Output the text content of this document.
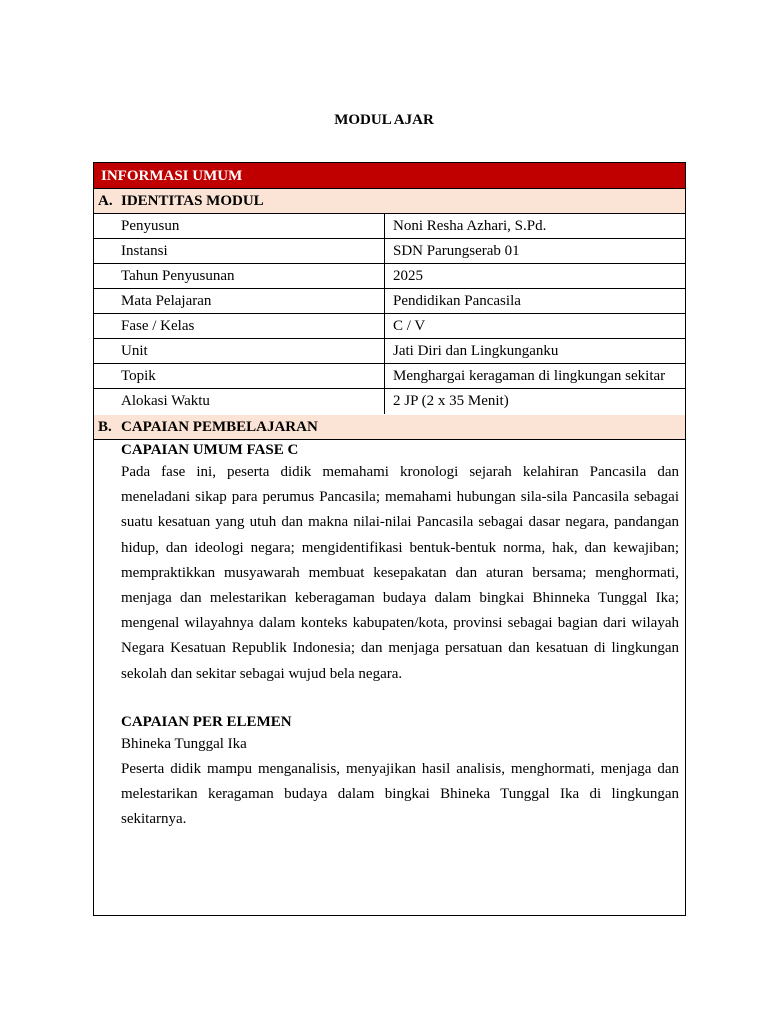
MODUL AJAR
INFORMASI UMUM
A. IDENTITAS MODUL
Penyusun	Noni Resha Azhari, S.Pd.
Instansi	SDN Parungserab 01
Tahun Penyusunan	2025
Mata Pelajaran	Pendidikan Pancasila
Fase / Kelas	C / V
Unit	Jati Diri dan Lingkunganku
Topik	Menghargai keragaman di lingkungan sekitar
Alokasi Waktu	2 JP (2 x 35 Menit)
B. CAPAIAN PEMBELAJARAN

CAPAIAN UMUM FASE C

Pada fase ini, peserta didik memahami kronologi sejarah kelahiran Pancasila dan meneladani sikap para perumus Pancasila; memahami hubungan sila-sila Pancasila sebagai suatu kesatuan yang utuh dan makna nilai-nilai Pancasila sebagai dasar negara, pandangan hidup, dan ideologi negara; mengidentifikasi bentuk-bentuk norma, hak, dan kewajiban; mempraktikkan musyawarah membuat kesepakatan dan aturan bersama; menghormati, menjaga dan melestarikan keberagaman budaya dalam bingkai Bhinneka Tunggal Ika; mengenal wilayahnya dalam konteks kabupaten/kota, provinsi sebagai bagian dari wilayah Negara Kesatuan Republik Indonesia; dan menjaga persatuan dan kesatuan di lingkungan sekolah dan sekitar sebagai wujud bela negara.

CAPAIAN PER ELEMEN

Bhineka Tunggal Ika

Peserta didik mampu menganalisis, menyajikan hasil analisis, menghormati, menjaga dan melestarikan keragaman budaya dalam bingkai Bhineka Tunggal Ika di lingkungan sekitarnya.
